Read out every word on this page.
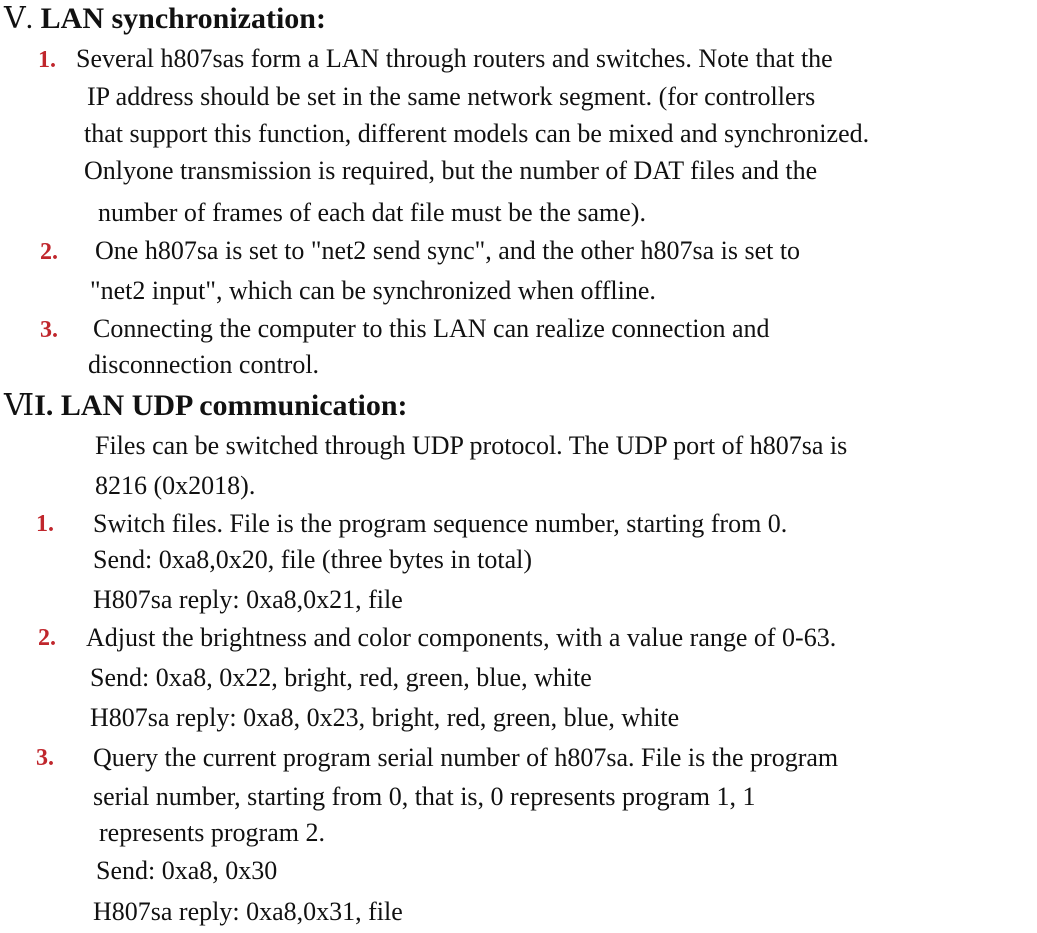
Ⅴ. LAN synchronization:
1. Several h807sas form a LAN through routers and switches. Note that the
IP address should be set in the same network segment. (for controllers
that support this function, different models can be mixed and synchronized.
Onlyone transmission is required, but the number of DAT files and the
number of frames of each dat file must be the same).
2. One h807sa is set to "net2 send sync", and the other h807sa is set to
"net2 input", which can be synchronized when offline.
3. Connecting the computer to this LAN can realize connection and
disconnection control.
ⅥI. LAN UDP communication:
Files can be switched through UDP protocol. The UDP port of h807sa is
8216 (0x2018).
1. Switch files. File is the program sequence number, starting from 0.
Send: 0xa8,0x20, file (three bytes in total)
H807sa reply: 0xa8,0x21, file
2. Adjust the brightness and color components, with a value range of 0-63.
Send: 0xa8, 0x22, bright, red, green, blue, white
H807sa reply: 0xa8, 0x23, bright, red, green, blue, white
3. Query the current program serial number of h807sa. File is the program
serial number, starting from 0, that is, 0 represents program 1, 1
represents program 2.
Send: 0xa8, 0x30
H807sa reply: 0xa8,0x31, file
